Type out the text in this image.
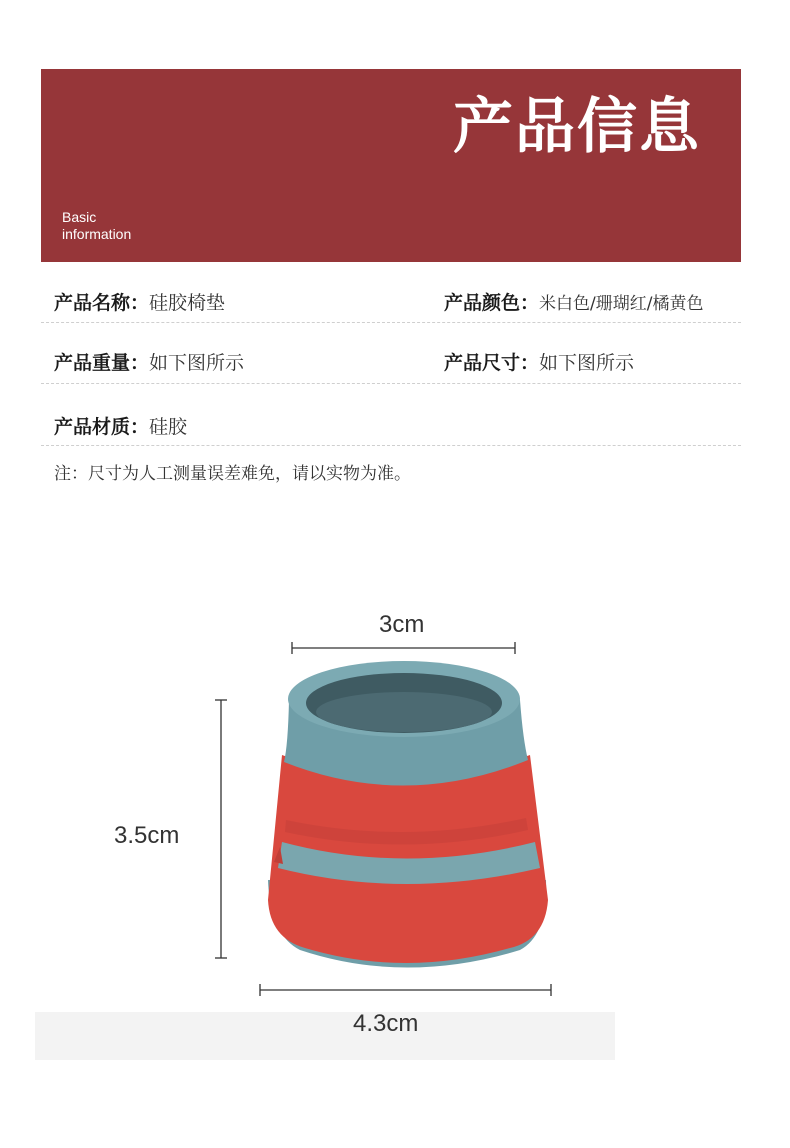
产品信息
Basic
information
产品名称：硅胶椅垫	产品颜色：米白色/珊瑚红/橘黄色
产品重量：如下图所示	产品尺寸：如下图所示
产品材质：硅胶
注：尺寸为人工测量误差难免，请以实物为准。
3cm
3.5cm
4.3cm
